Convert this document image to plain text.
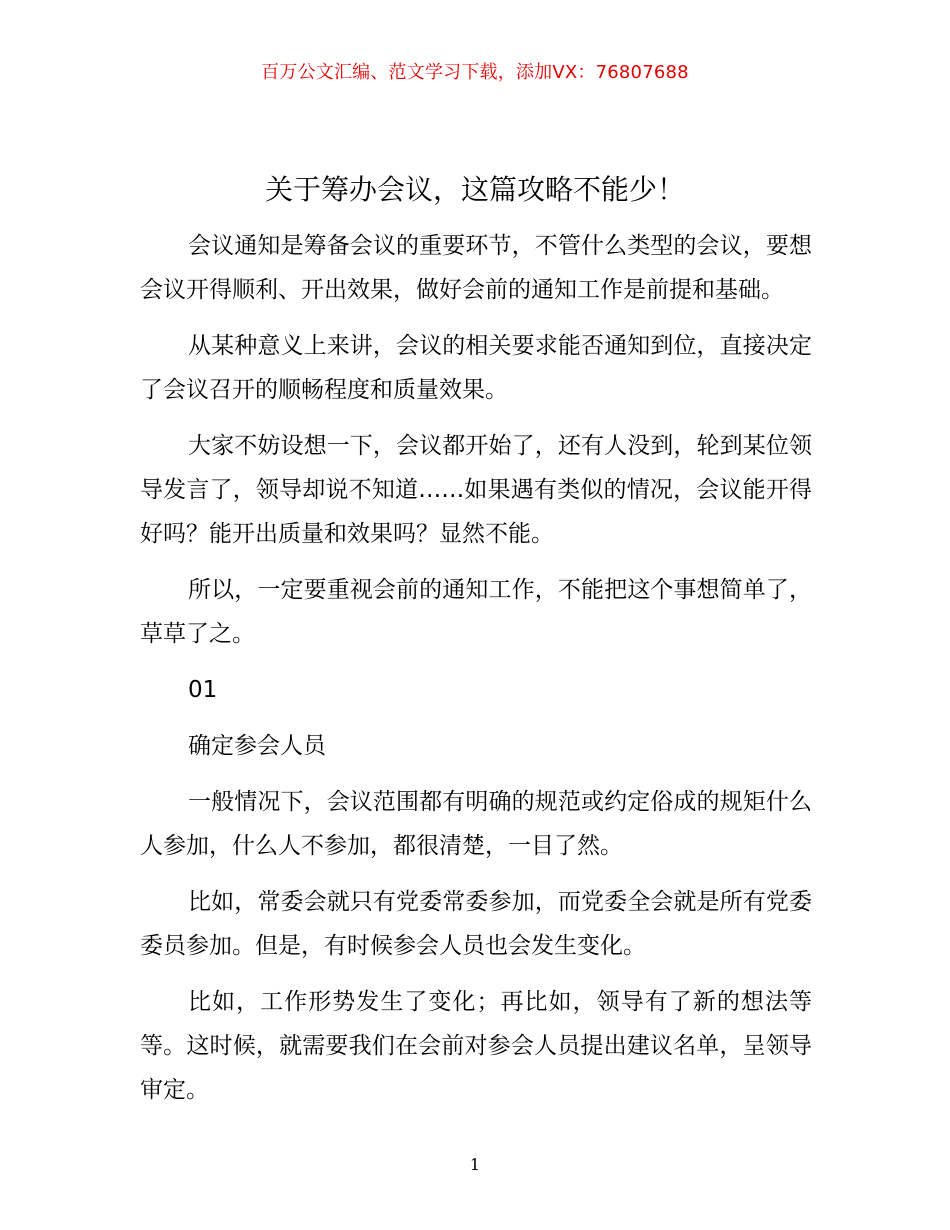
百万公文汇编、范文学习下载，添加VX：76807688
关于筹办会议，这篇攻略不能少！

会议通知是筹备会议的重要环节，不管什么类型的会议，要想会议开得顺利、开出效果，做好会前的通知工作是前提和基础。

从某种意义上来讲，会议的相关要求能否通知到位，直接决定了会议召开的顺畅程度和质量效果。

大家不妨设想一下，会议都开始了，还有人没到，轮到某位领导发言了，领导却说不知道……如果遇有类似的情况，会议能开得好吗？能开出质量和效果吗？显然不能。

所以，一定要重视会前的通知工作，不能把这个事想简单了，草草了之。

01

确定参会人员

一般情况下，会议范围都有明确的规范或约定俗成的规矩什么人参加，什么人不参加，都很清楚，一目了然。

比如，常委会就只有党委常委参加，而党委全会就是所有党委委员参加。但是，有时候参会人员也会发生变化。

比如，工作形势发生了变化；再比如，领导有了新的想法等等。这时候，就需要我们在会前对参会人员提出建议名单，呈领导审定。

1
